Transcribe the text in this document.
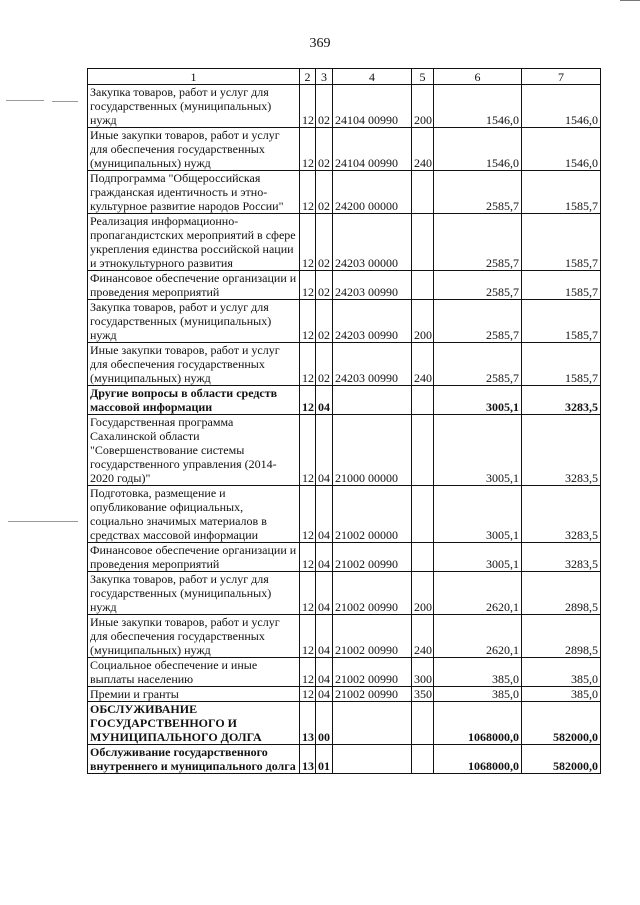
369
1	2	3	4	5	6	7
Закупка товаров, работ и услуг для государственных (муниципальных) нужд	12	02	24104 00990	200	1546,0	1546,0
Иные закупки товаров, работ и услуг для обеспечения государственных (муниципальных) нужд	12	02	24104 00990	240	1546,0	1546,0
Подпрограмма "Общероссийская гражданская идентичность и этно-культурное развитие народов России"	12	02	24200 00000		2585,7	1585,7
Реализация информационно-пропагандистских мероприятий в сфере укрепления единства российской нации и этнокультурного развития	12	02	24203 00000		2585,7	1585,7
Финансовое обеспечение организации и проведения мероприятий	12	02	24203 00990		2585,7	1585,7
Закупка товаров, работ и услуг для государственных (муниципальных) нужд	12	02	24203 00990	200	2585,7	1585,7
Иные закупки товаров, работ и услуг для обеспечения государственных (муниципальных) нужд	12	02	24203 00990	240	2585,7	1585,7
Другие вопросы в области средств массовой информации	12	04			3005,1	3283,5
Государственная программа Сахалинской области "Совершенствование системы государственного управления (2014-2020 годы)"	12	04	21000 00000		3005,1	3283,5
Подготовка, размещение и опубликование официальных, социально значимых материалов в средствах массовой информации	12	04	21002 00000		3005,1	3283,5
Финансовое обеспечение организации и проведения мероприятий	12	04	21002 00990		3005,1	3283,5
Закупка товаров, работ и услуг для государственных (муниципальных) нужд	12	04	21002 00990	200	2620,1	2898,5
Иные закупки товаров, работ и услуг для обеспечения государственных (муниципальных) нужд	12	04	21002 00990	240	2620,1	2898,5
Социальное обеспечение и иные выплаты населению	12	04	21002 00990	300	385,0	385,0
Премии и гранты	12	04	21002 00990	350	385,0	385,0
ОБСЛУЖИВАНИЕ ГОСУДАРСТВЕННОГО И МУНИЦИПАЛЬНОГО ДОЛГА	13	00			1068000,0	582000,0
Обслуживание государственного внутреннего и муниципального долга	13	01			1068000,0	582000,0
